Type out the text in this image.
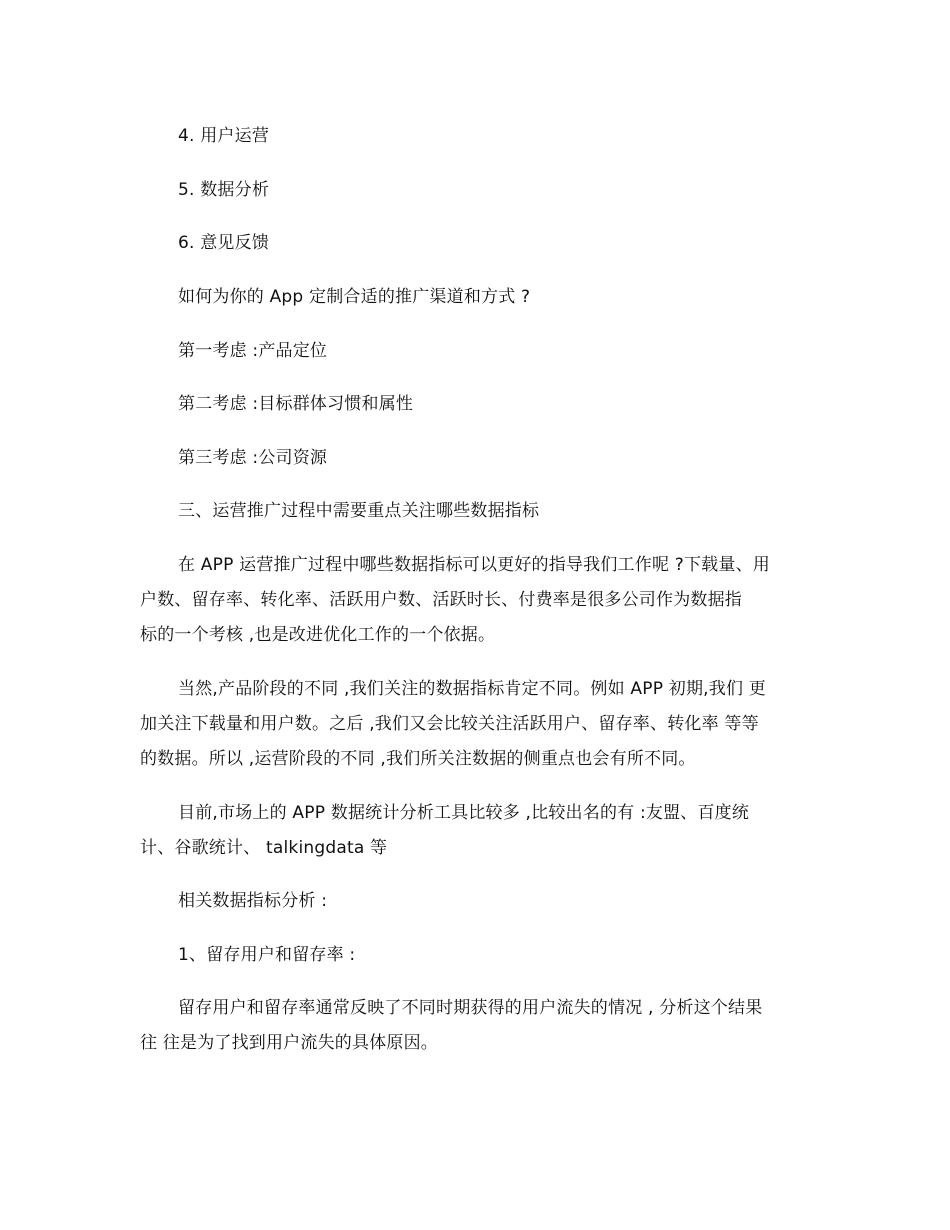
4. 用户运营
5. 数据分析
6. 意见反馈
如何为你的 App 定制合适的推广渠道和方式 ?
第一考虑 :产品定位
第二考虑 :目标群体习惯和属性
第三考虑 :公司资源
三、运营推广过程中需要重点关注哪些数据指标
在 APP 运营推广过程中哪些数据指标可以更好的指导我们工作呢 ?下载量、用
户数、留存率、转化率、活跃用户数、活跃时长、付费率是很多公司作为数据指
标的一个考核 ,也是改进优化工作的一个依据。
当然,产品阶段的不同 ,我们关注的数据指标肯定不同。例如 APP 初期,我们 更
加关注下载量和用户数。之后 ,我们又会比较关注活跃用户、留存率、转化率 等等
的数据。所以 ,运营阶段的不同 ,我们所关注数据的侧重点也会有所不同。
目前,市场上的 APP 数据统计分析工具比较多 ,比较出名的有 :友盟、百度统
计、谷歌统计、 talkingdata 等
相关数据指标分析 :
1、留存用户和留存率 :
留存用户和留存率通常反映了不同时期获得的用户流失的情况 , 分析这个结果
往 往是为了找到用户流失的具体原因。
